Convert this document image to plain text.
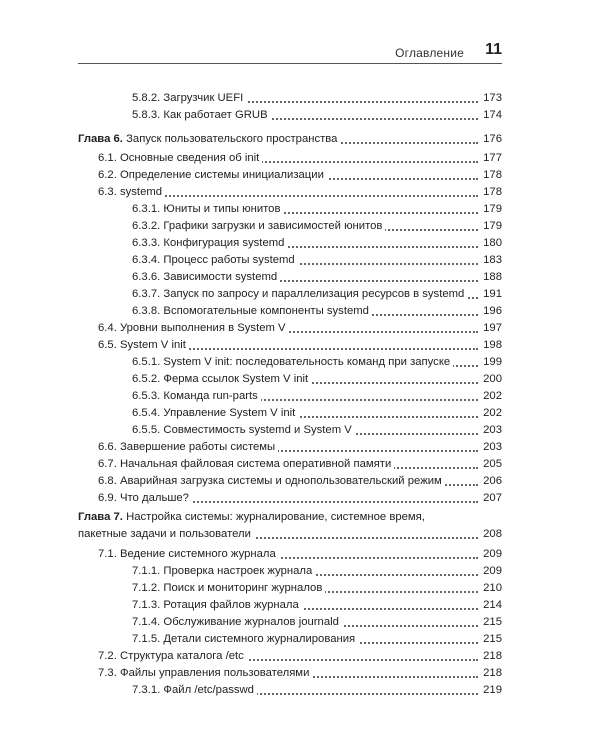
Оглавление 11
5.8.2. Загрузчик UEFI	173
5.8.3. Как работает GRUB	174
Глава 6. Запуск пользовательского пространства	176
6.1. Основные сведения об init	177
6.2. Определение системы инициализации	178
6.3. systemd	178
6.3.1. Юниты и типы юнитов	179
6.3.2. Графики загрузки и зависимостей юнитов	179
6.3.3. Конфигурация systemd	180
6.3.4. Процесс работы systemd	183
6.3.6. Зависимости systemd	188
6.3.7. Запуск по запросу и параллелизация ресурсов в systemd 191
6.3.8. Вспомогательные компоненты systemd	196
6.4. Уровни выполнения в System V	197
6.5. System V init	198
6.5.1. System V init: последовательность команд при запуске	199
6.5.2. Ферма ссылок System V init	200
6.5.3. Команда run-parts	202
6.5.4. Управление System V init	202
6.5.5. Совместимость systemd и System V	203
6.6. Завершение работы системы	203
6.7. Начальная файловая система оперативной памяти	205
6.8. Аварийная загрузка системы и однопользовательский режим	206
6.9. Что дальше?	207
Глава 7. Настройка системы: журналирование, системное время,
пакетные задачи и пользователи	208
7.1. Ведение системного журнала	209
7.1.1. Проверка настроек журнала	209
7.1.2. Поиск и мониторинг журналов	210
7.1.3. Ротация файлов журнала	214
7.1.4. Обслуживание журналов journald	215
7.1.5. Детали системного журналирования	215
7.2. Структура каталога /etc	218
7.3. Файлы управления пользователями	218
7.3.1. Файл /etc/passwd	219
